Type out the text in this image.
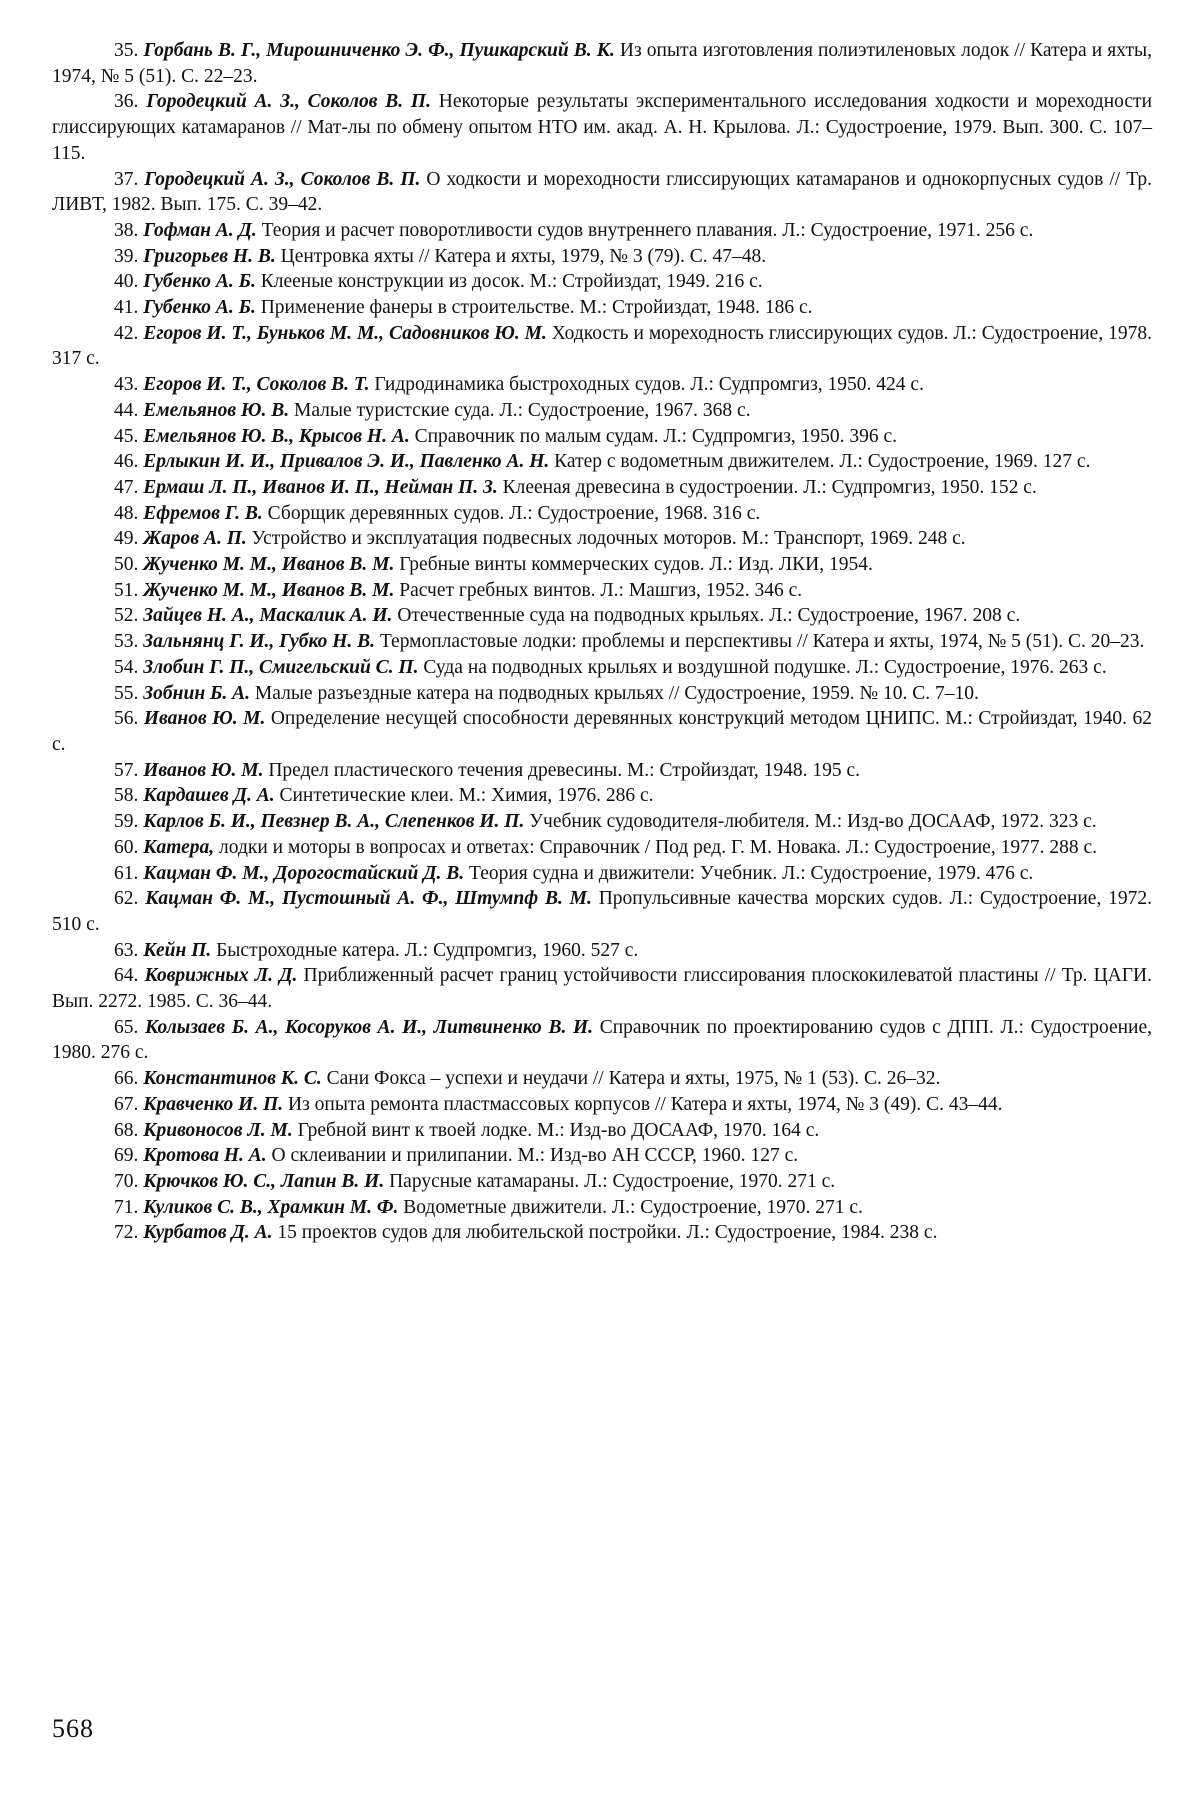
35. Горбань В. Г., Мирошниченко Э. Ф., Пушкарский В. К. Из опыта изготовления полиэтиленовых лодок // Катера и яхты, 1974, № 5 (51). С. 22–23.

36. Городецкий А. З., Соколов В. П. Некоторые результаты экспериментального исследования ходкости и мореходности глиссирующих катамаранов // Мат-лы по обмену опытом НТО им. акад. А. Н. Крылова. Л.: Судостроение, 1979. Вып. 300. С. 107–115.

37. Городецкий А. З., Соколов В. П. О ходкости и мореходности глиссирующих катамаранов и однокорпусных судов // Тр. ЛИВТ, 1982. Вып. 175. С. 39–42.

38. Гофман А. Д. Теория и расчет поворотливости судов внутреннего плавания. Л.: Судостроение, 1971. 256 с.

39. Григорьев Н. В. Центровка яхты // Катера и яхты, 1979, № 3 (79). С. 47–48.

40. Губенко А. Б. Клееные конструкции из досок. М.: Стройиздат, 1949. 216 с.

41. Губенко А. Б. Применение фанеры в строительстве. М.: Стройиздат, 1948. 186 с.

42. Егоров И. Т., Буньков М. М., Садовников Ю. М. Ходкость и мореходность глиссирующих судов. Л.: Судостроение, 1978. 317 с.

43. Егоров И. Т., Соколов В. Т. Гидродинамика быстроходных судов. Л.: Судпромгиз, 1950. 424 с.

44. Емельянов Ю. В. Малые туристские суда. Л.: Судостроение, 1967. 368 с.

45. Емельянов Ю. В., Крысов Н. А. Справочник по малым судам. Л.: Судпромгиз, 1950. 396 с.

46. Ерлыкин И. И., Привалов Э. И., Павленко А. Н. Катер с водометным движителем. Л.: Судостроение, 1969. 127 с.

47. Ермаш Л. П., Иванов И. П., Нейман П. З. Клееная древесина в судостроении. Л.: Судпромгиз, 1950. 152 с.

48. Ефремов Г. В. Сборщик деревянных судов. Л.: Судостроение, 1968. 316 с.

49. Жаров А. П. Устройство и эксплуатация подвесных лодочных моторов. М.: Транспорт, 1969. 248 с.

50. Жученко М. М., Иванов В. М. Гребные винты коммерческих судов. Л.: Изд. ЛКИ, 1954.

51. Жученко М. М., Иванов В. М. Расчет гребных винтов. Л.: Машгиз, 1952. 346 с.

52. Зайцев Н. А., Маскалик А. И. Отечественные суда на подводных крыльях. Л.: Судостроение, 1967. 208 с.

53. Зальнянц Г. И., Губко Н. В. Термопластовые лодки: проблемы и перспективы // Катера и яхты, 1974, № 5 (51). С. 20–23.

54. Злобин Г. П., Смигельский С. П. Суда на подводных крыльях и воздушной подушке. Л.: Судостроение, 1976. 263 с.

55. Зобнин Б. А. Малые разъездные катера на подводных крыльях // Судостроение, 1959. № 10. С. 7–10.

56. Иванов Ю. М. Определение несущей способности деревянных конструкций методом ЦНИПС. М.: Стройиздат, 1940. 62 с.

57. Иванов Ю. М. Предел пластического течения древесины. М.: Стройиздат, 1948. 195 с.

58. Кардашев Д. А. Синтетические клеи. М.: Химия, 1976. 286 с.

59. Карлов Б. И., Певзнер В. А., Слепенков И. П. Учебник судоводителя-любителя. М.: Изд-во ДОСААФ, 1972. 323 с.

60. Катера, лодки и моторы в вопросах и ответах: Справочник / Под ред. Г. М. Новака. Л.: Судостроение, 1977. 288 с.

61. Кацман Ф. М., Дорогостайский Д. В. Теория судна и движители: Учебник. Л.: Судостроение, 1979. 476 с.

62. Кацман Ф. М., Пустошный А. Ф., Штумпф В. М. Пропульсивные качества морских судов. Л.: Судостроение, 1972. 510 с.

63. Кейн П. Быстроходные катера. Л.: Судпромгиз, 1960. 527 с.

64. Коврижных Л. Д. Приближенный расчет границ устойчивости глиссирования плоскокилеватой пластины // Тр. ЦАГИ. Вып. 2272. 1985. С. 36–44.

65. Колызаев Б. А., Косоруков А. И., Литвиненко В. И. Справочник по проектированию судов с ДПП. Л.: Судостроение, 1980. 276 с.

66. Константинов К. С. Сани Фокса – успехи и неудачи // Катера и яхты, 1975, № 1 (53). С. 26–32.

67. Кравченко И. П. Из опыта ремонта пластмассовых корпусов // Катера и яхты, 1974, № 3 (49). С. 43–44.

68. Кривоносов Л. М. Гребной винт к твоей лодке. М.: Изд-во ДОСААФ, 1970. 164 с.

69. Кротова Н. А. О склеивании и прилипании. М.: Изд-во АН СССР, 1960. 127 с.

70. Крючков Ю. С., Лапин В. И. Парусные катамараны. Л.: Судостроение, 1970. 271 с.

71. Куликов С. В., Храмкин М. Ф. Водометные движители. Л.: Судостроение, 1970. 271 с.

72. Курбатов Д. А. 15 проектов судов для любительской постройки. Л.: Судостроение, 1984. 238 с.

568
